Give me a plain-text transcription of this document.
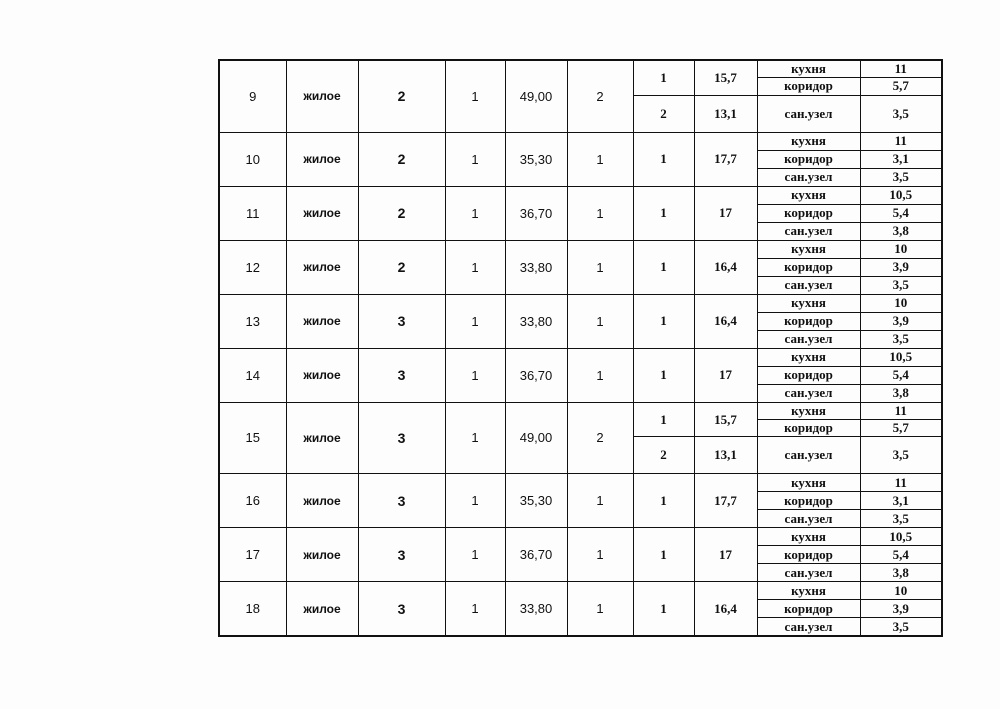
9	жилое	2	1	49,00	2	1	15,7	кухня	11
								коридор	5,7
						2	13,1	сан.узел	3,5
10	жилое	2	1	35,30	1	1	17,7	кухня	11
								коридор	3,1
								сан.узел	3,5
11	жилое	2	1	36,70	1	1	17	кухня	10,5
								коридор	5,4
								сан.узел	3,8
12	жилое	2	1	33,80	1	1	16,4	кухня	10
								коридор	3,9
								сан.узел	3,5
13	жилое	3	1	33,80	1	1	16,4	кухня	10
								коридор	3,9
								сан.узел	3,5
14	жилое	3	1	36,70	1	1	17	кухня	10,5
								коридор	5,4
								сан.узел	3,8
15	жилое	3	1	49,00	2	1	15,7	кухня	11
								коридор	5,7
						2	13,1	сан.узел	3,5
16	жилое	3	1	35,30	1	1	17,7	кухня	11
								коридор	3,1
								сан.узел	3,5
17	жилое	3	1	36,70	1	1	17	кухня	10,5
								коридор	5,4
								сан.узел	3,8
18	жилое	3	1	33,80	1	1	16,4	кухня	10
								коридор	3,9
								сан.узел	3,5
